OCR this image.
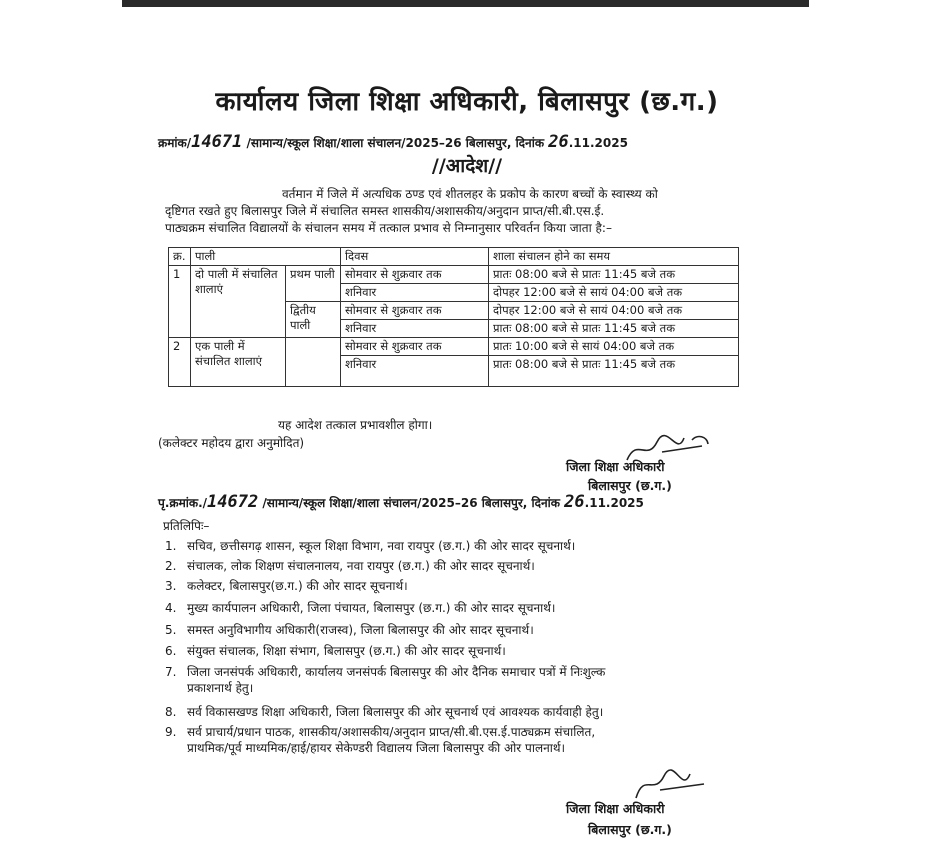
कार्यालय जिला शिक्षा अधिकारी, बिलासपुर (छ.ग.)
क्रमांक/14671 /सामान्य/स्कूल शिक्षा/शाला संचालन/2025–26 बिलासपुर, दिनांक 26.11.2025
//आदेश//
वर्तमान में जिले में अत्यधिक ठण्ड एवं शीतलहर के प्रकोप के कारण बच्चों के स्वास्थ्य को
दृष्टिगत रखते हुए बिलासपुर जिले में संचालित समस्त शासकीय/अशासकीय/अनुदान प्राप्त/सी.बी.एस.ई.
पाठ्यक्रम संचालित विद्यालयों के संचालन समय में तत्काल प्रभाव से निम्नानुसार परिवर्तन किया जाता है:–
क्र.	पाली		दिवस	शाला संचालन होने का समय
1	दो पाली में संचालित शालाएं	प्रथम पाली	सोमवार से शुक्रवार तक	प्रातः 08:00 बजे से प्रातः 11:45 बजे तक
			शनिवार	दोपहर 12:00 बजे से सायं 04:00 बजे तक
		द्वितीय पाली	सोमवार से शुक्रवार तक	दोपहर 12:00 बजे से सायं 04:00 बजे तक
			शनिवार	प्रातः 08:00 बजे से प्रातः 11:45 बजे तक
2	एक पाली में संचालित शालाएं		सोमवार से शुक्रवार तक	प्रातः 10:00 बजे से सायं 04:00 बजे तक
			शनिवार	प्रातः 08:00 बजे से प्रातः 11:45 बजे तक
यह आदेश तत्काल प्रभावशील होगा।
(कलेक्टर महोदय द्वारा अनुमोदित)
जिला शिक्षा अधिकारी
बिलासपुर (छ.ग.)
पृ.क्रमांक./14672 /सामान्य/स्कूल शिक्षा/शाला संचालन/2025–26 बिलासपुर, दिनांक 26.11.2025
प्रतिलिपिः–
1. सचिव, छत्तीसगढ़ शासन, स्कूल शिक्षा विभाग, नवा रायपुर (छ.ग.) की ओर सादर सूचनार्थ।
2. संचालक, लोक शिक्षण संचालनालय, नवा रायपुर (छ.ग.) की ओर सादर सूचनार्थ।
3. कलेक्टर, बिलासपुर(छ.ग.) की ओर सादर सूचनार्थ।
4. मुख्य कार्यपालन अधिकारी, जिला पंचायत, बिलासपुर (छ.ग.) की ओर सादर सूचनार्थ।
5. समस्त अनुविभागीय अधिकारी(राजस्व), जिला बिलासपुर की ओर सादर सूचनार्थ।
6. संयुक्त संचालक, शिक्षा संभाग, बिलासपुर (छ.ग.) की ओर सादर सूचनार्थ।
7. जिला जनसंपर्क अधिकारी, कार्यालय जनसंपर्क बिलासपुर की ओर दैनिक समाचार पत्रों में निःशुल्क
प्रकाशनार्थ हेतु।
8. सर्व विकासखण्ड शिक्षा अधिकारी, जिला बिलासपुर की ओर सूचनार्थ एवं आवश्यक कार्यवाही हेतु।
9. सर्व प्राचार्य/प्रधान पाठक, शासकीय/अशासकीय/अनुदान प्राप्त/सी.बी.एस.ई.पाठ्यक्रम संचालित,
प्राथमिक/पूर्व माध्यमिक/हाई/हायर सेकेण्डरी विद्यालय जिला बिलासपुर की ओर पालनार्थ।
जिला शिक्षा अधिकारी
बिलासपुर (छ.ग.)
